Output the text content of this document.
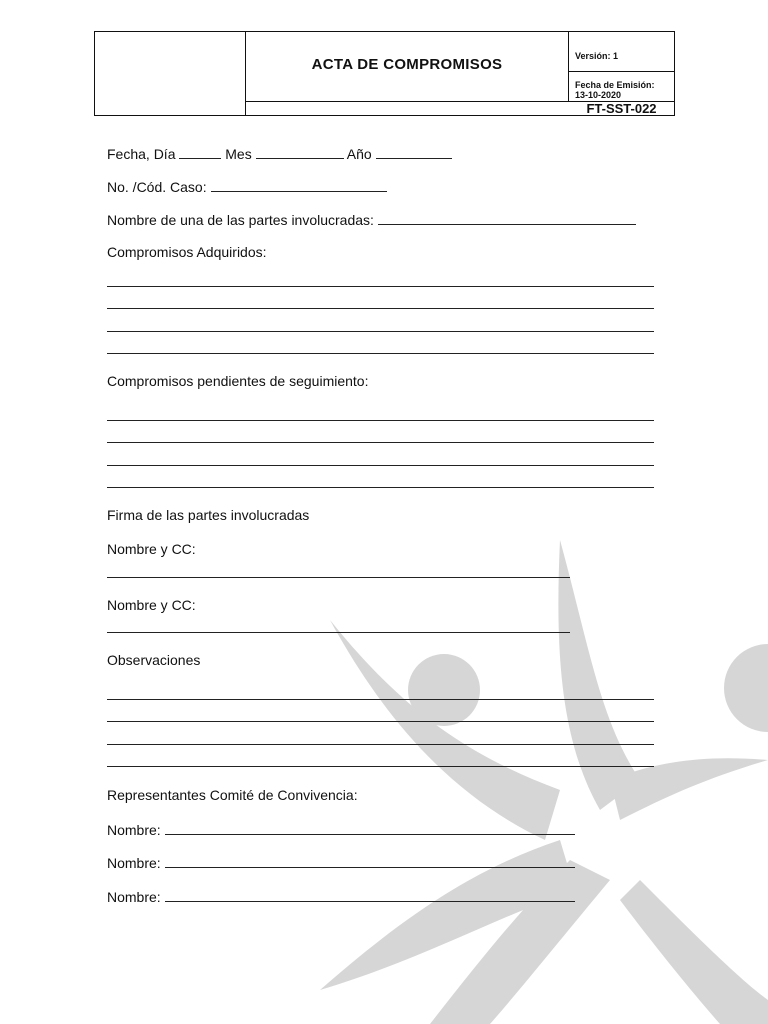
ACTA DE COMPROMISOS	Versión: 1
Fecha de Emisión:
13-10-2020
FT-SST-022
Fecha, Día	Mes	Año
No. /Cód. Caso:
Nombre de una de las partes involucradas:
Compromisos Adquiridos:
Compromisos pendientes de seguimiento:
Firma de las partes involucradas
Nombre y CC:
Nombre y CC:
Observaciones
Representantes Comité de Convivencia:
Nombre:
Nombre:
Nombre:
